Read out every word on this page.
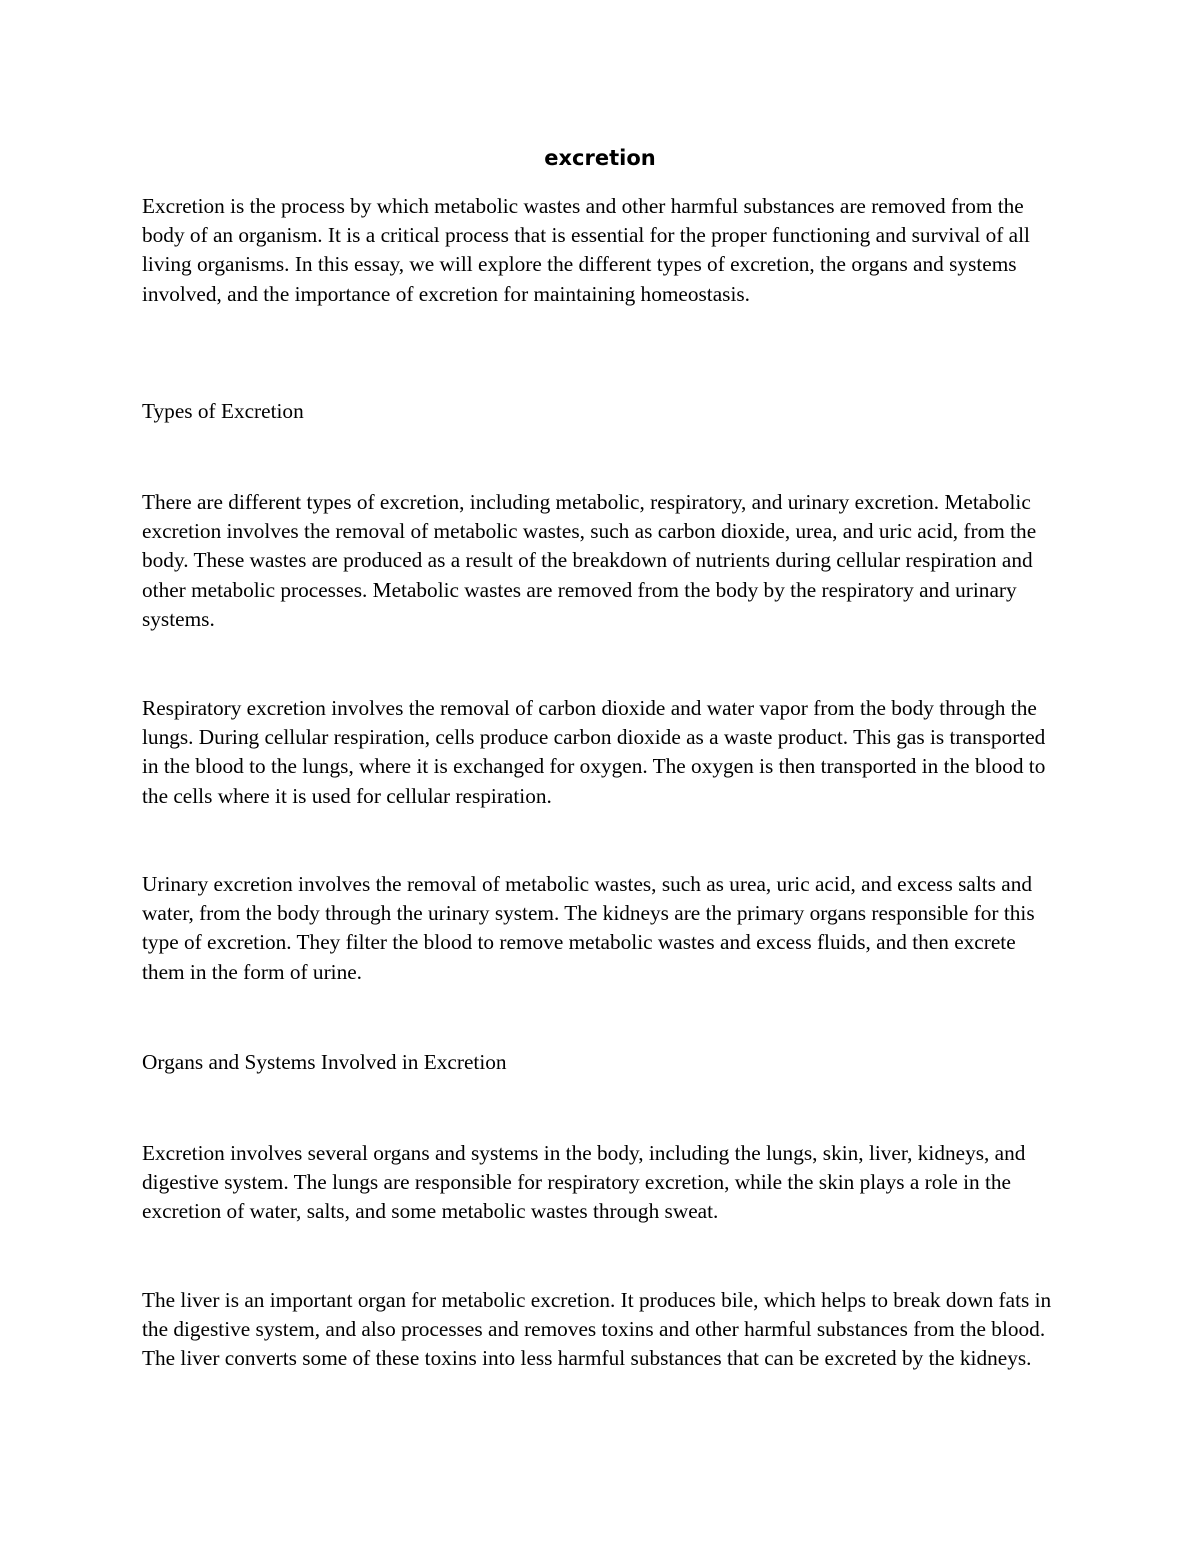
excretion

Excretion is the process by which metabolic wastes and other harmful substances are removed from the body of an organism. It is a critical process that is essential for the proper functioning and survival of all living organisms. In this essay, we will explore the different types of excretion, the organs and systems involved, and the importance of excretion for maintaining homeostasis.

Types of Excretion

There are different types of excretion, including metabolic, respiratory, and urinary excretion. Metabolic excretion involves the removal of metabolic wastes, such as carbon dioxide, urea, and uric acid, from the body. These wastes are produced as a result of the breakdown of nutrients during cellular respiration and other metabolic processes. Metabolic wastes are removed from the body by the respiratory and urinary systems.

Respiratory excretion involves the removal of carbon dioxide and water vapor from the body through the lungs. During cellular respiration, cells produce carbon dioxide as a waste product. This gas is transported in the blood to the lungs, where it is exchanged for oxygen. The oxygen is then transported in the blood to the cells where it is used for cellular respiration.

Urinary excretion involves the removal of metabolic wastes, such as urea, uric acid, and excess salts and water, from the body through the urinary system. The kidneys are the primary organs responsible for this type of excretion. They filter the blood to remove metabolic wastes and excess fluids, and then excrete them in the form of urine.

Organs and Systems Involved in Excretion

Excretion involves several organs and systems in the body, including the lungs, skin, liver, kidneys, and digestive system. The lungs are responsible for respiratory excretion, while the skin plays a role in the excretion of water, salts, and some metabolic wastes through sweat.

The liver is an important organ for metabolic excretion. It produces bile, which helps to break down fats in the digestive system, and also processes and removes toxins and other harmful substances from the blood. The liver converts some of these toxins into less harmful substances that can be excreted by the kidneys.
